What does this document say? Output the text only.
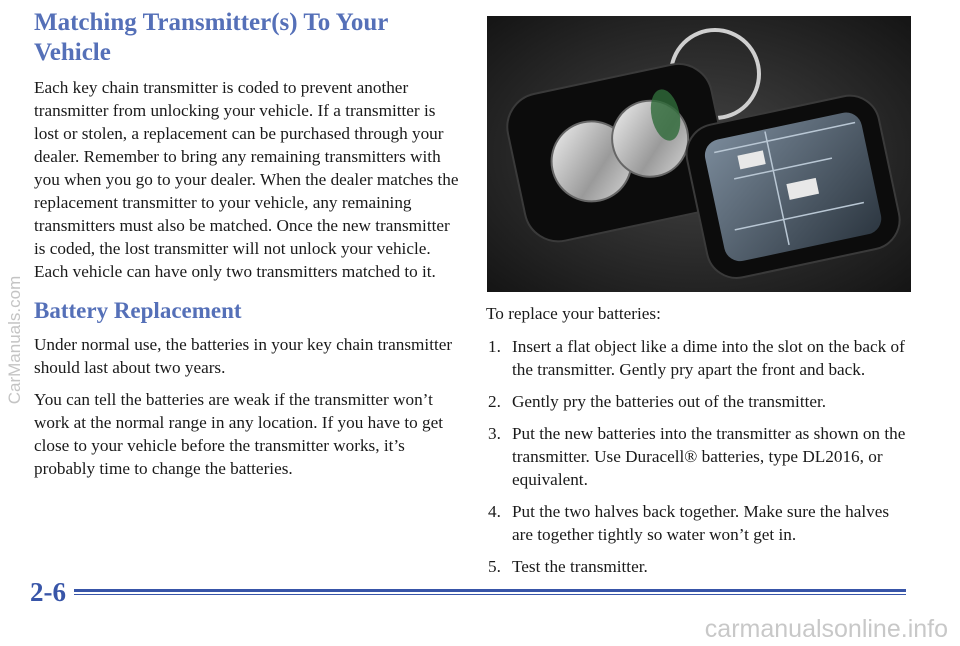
Matching Transmitter(s) To Your Vehicle

Each key chain transmitter is coded to prevent another transmitter from unlocking your vehicle. If a transmitter is lost or stolen, a replacement can be purchased through your dealer. Remember to bring any remaining transmitters with you when you go to your dealer. When the dealer matches the replacement transmitter to your vehicle, any remaining transmitters must also be matched. Once the new transmitter is coded, the lost transmitter will not unlock your vehicle. Each vehicle can have only two transmitters matched to it.

Battery Replacement

Under normal use, the batteries in your key chain transmitter should last about two years.

You can tell the batteries are weak if the transmitter won’t work at the normal range in any location. If you have to get close to your vehicle before the transmitter works, it’s probably time to change the batteries.

To replace your batteries:

1. Insert a flat object like a dime into the slot on the back of the transmitter. Gently pry apart the front and back.
2. Gently pry the batteries out of the transmitter.
3. Put the new batteries into the transmitter as shown on the transmitter. Use Duracell® batteries, type DL2016, or equivalent.
4. Put the two halves back together. Make sure the halves are together tightly so water won’t get in.
5. Test the transmitter.
2-6
CarManuals.com
carmanualsonline.info
